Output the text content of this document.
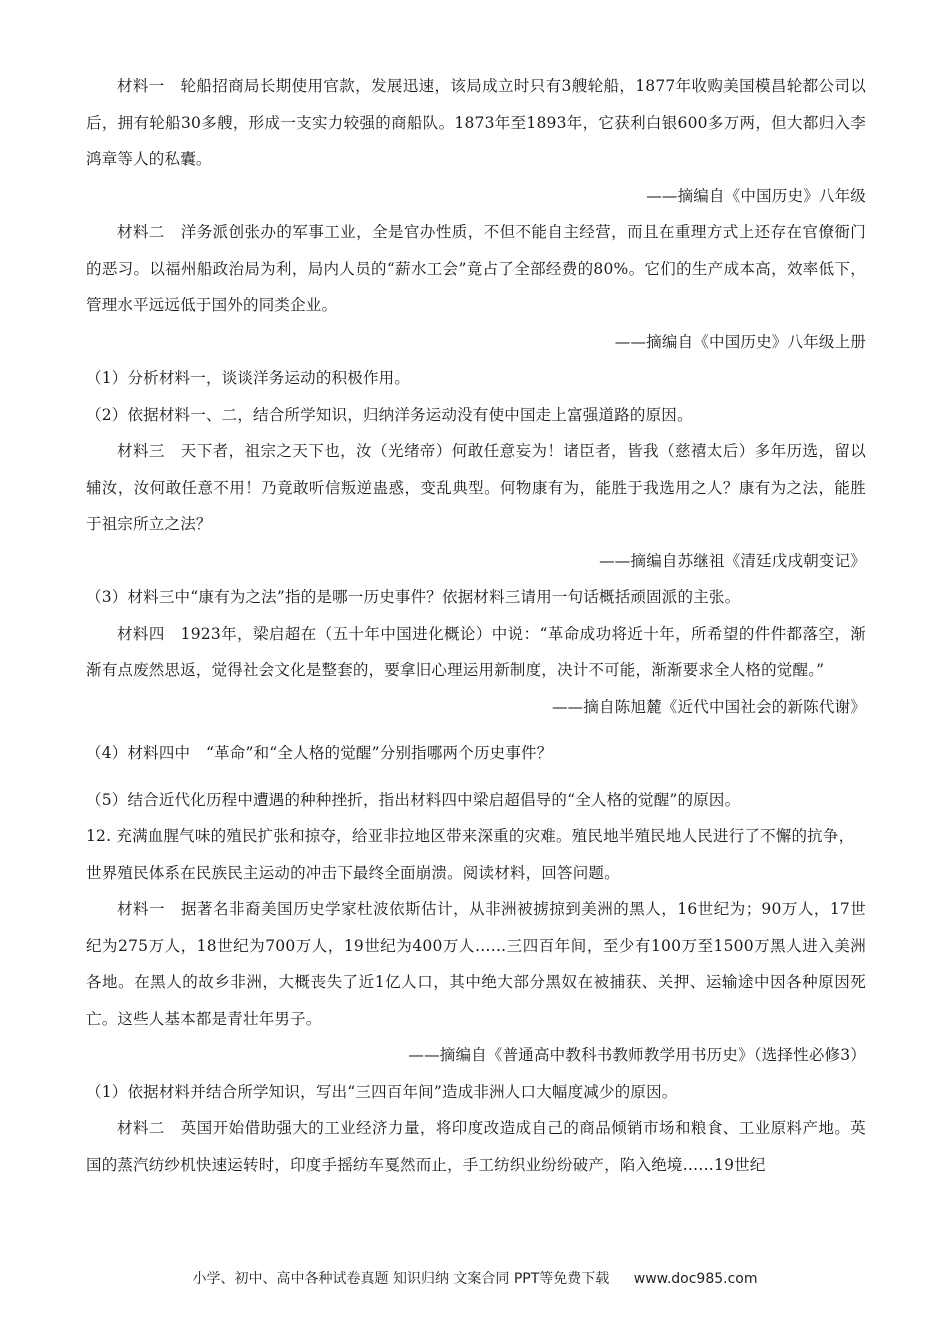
材料一　轮船招商局长期使用官款，发展迅速，该局成立时只有3艘轮船，1877年收购美国模昌轮都公司以后，拥有轮船30多艘，形成一支实力较强的商船队。1873年至1893年，它获利白银600多万两，但大都归入李鸿章等人的私囊。

——摘编自《中国历史》八年级

材料二　洋务派创张办的军事工业，全是官办性质，不但不能自主经营，而且在重理方式上还存在官僚衙门的恶习。以福州船政治局为利，局内人员的“薪水工会”竟占了全部经费的80%。它们的生产成本高，效率低下，管理水平远远低于国外的同类企业。

——摘编自《中国历史》八年级上册

（1）分析材料一，谈谈洋务运动的积极作用。

（2）依据材料一、二，结合所学知识，归纳洋务运动没有使中国走上富强道路的原因。

材料三　天下者，祖宗之天下也，汝（光绪帝）何敢任意妄为！诸臣者，皆我（慈禧太后）多年历选，留以辅汝，汝何敢任意不用！乃竟敢听信叛逆蛊惑，变乱典型。何物康有为，能胜于我选用之人？康有为之法，能胜于祖宗所立之法？

——摘编自苏继祖《清廷戊戌朝变记》

（3）材料三中“康有为之法”指的是哪一历史事件？依据材料三请用一句话概括顽固派的主张。

材料四　1923年，梁启超在（五十年中国进化概论）中说：“革命成功将近十年，所希望的件件都落空，渐渐有点废然思返，觉得社会文化是整套的，要拿旧心理运用新制度，决计不可能，渐渐要求全人格的觉醒。”

——摘自陈旭麓《近代中国社会的新陈代谢》

（4）材料四中　“革命”和“全人格的觉醒”分别指哪两个历史事件？

（5）结合近代化历程中遭遇的种种挫折，指出材料四中梁启超倡导的“全人格的觉醒”的原因。

12. 充满血腥气味的殖民扩张和掠夺，给亚非拉地区带来深重的灾难。殖民地半殖民地人民进行了不懈的抗争，世界殖民体系在民族民主运动的冲击下最终全面崩溃。阅读材料，回答问题。

材料一　据著名非裔美国历史学家杜波依斯估计，从非洲被掳掠到美洲的黑人，16世纪为；90万人，17世纪为275万人，18世纪为700万人，19世纪为400万人……三四百年间，至少有100万至1500万黑人进入美洲各地。在黑人的故乡非洲，大概丧失了近1亿人口，其中绝大部分黑奴在被捕获、关押、运输途中因各种原因死亡。这些人基本都是青壮年男子。

——摘编自《普通高中教科书教师教学用书历史》（选择性必修3）

（1）依据材料并结合所学知识，写出“三四百年间”造成非洲人口大幅度减少的原因。

材料二　英国开始借助强大的工业经济力量，将印度改造成自己的商品倾销市场和粮食、工业原料产地。英国的蒸汽纺纱机快速运转时，印度手摇纺车戛然而止，手工纺织业纷纷破产，陷入绝境……19世纪

小学、初中、高中各种试卷真题 知识归纳 文案合同 PPT等免费下载 www.doc985.com
